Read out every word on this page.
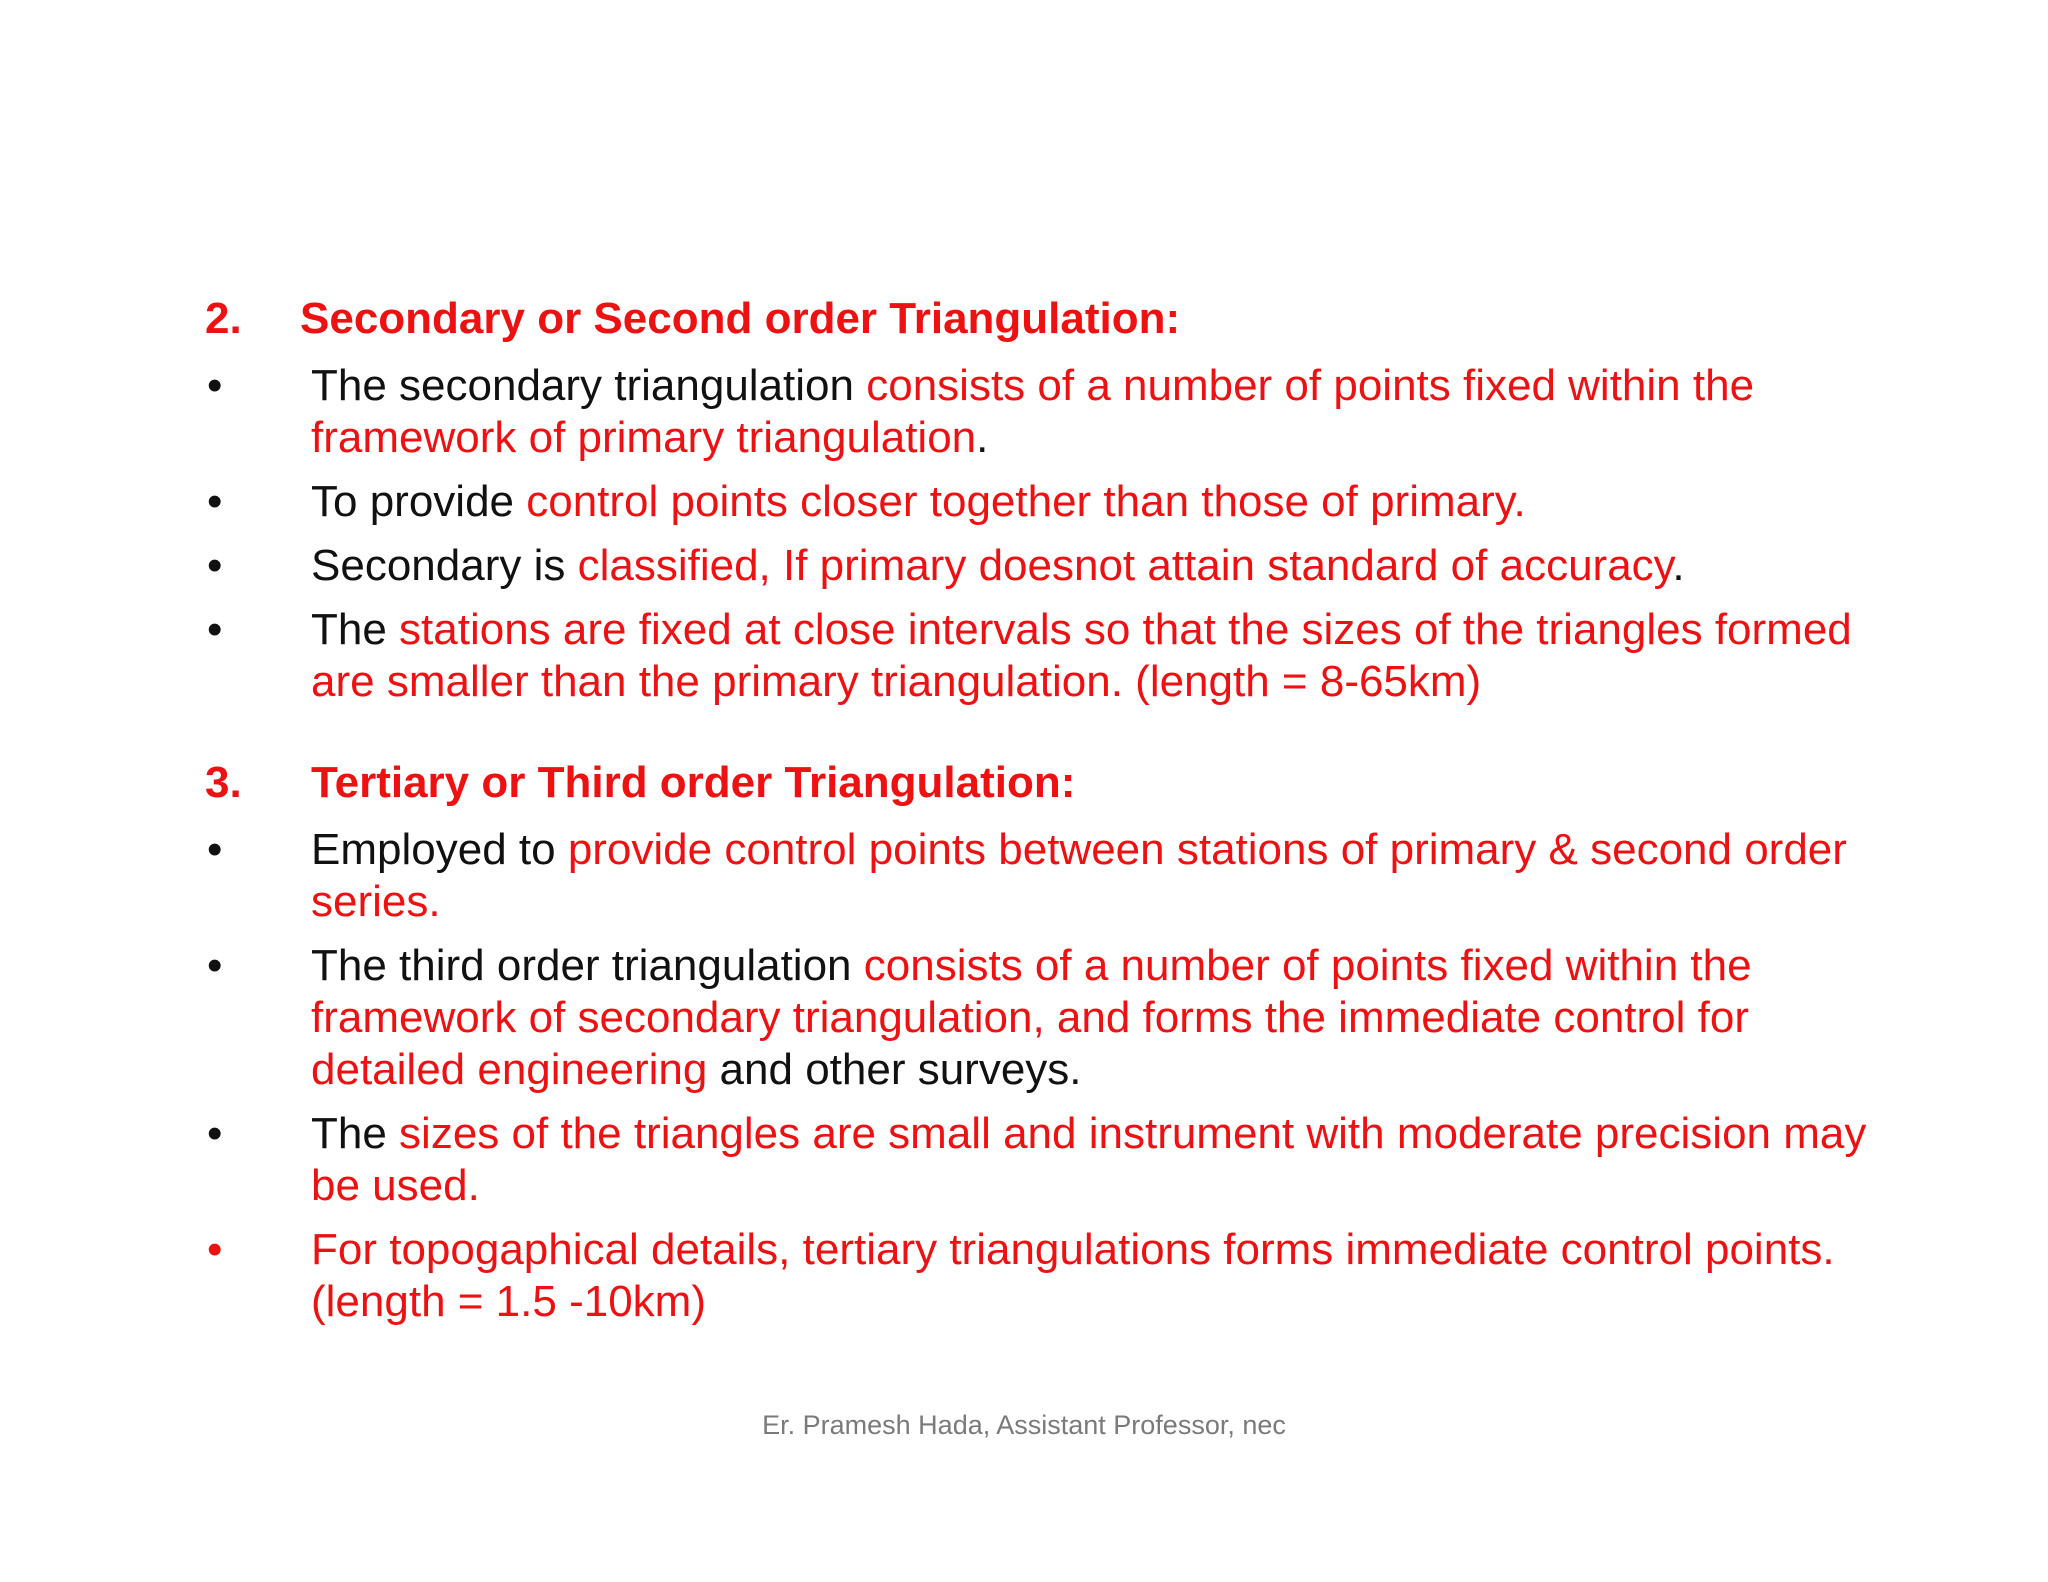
2. Secondary or Second order Triangulation:
• The secondary triangulation consists of a number of points fixed within the framework of primary triangulation.
• To provide control points closer together than those of primary.
• Secondary is classified, If primary doesnot attain standard of accuracy.
• The stations are fixed at close intervals so that the sizes of the triangles formed are smaller than the primary triangulation. (length = 8-65km)
3. Tertiary or Third order Triangulation:
• Employed to provide control points between stations of primary & second order series.
• The third order triangulation consists of a number of points fixed within the framework of secondary triangulation, and forms the immediate control for detailed engineering and other surveys.
• The sizes of the triangles are small and instrument with moderate precision may be used.
• For topogaphical details, tertiary triangulations forms immediate control points. (length = 1.5 -10km)
Er. Pramesh Hada, Assistant Professor, nec
